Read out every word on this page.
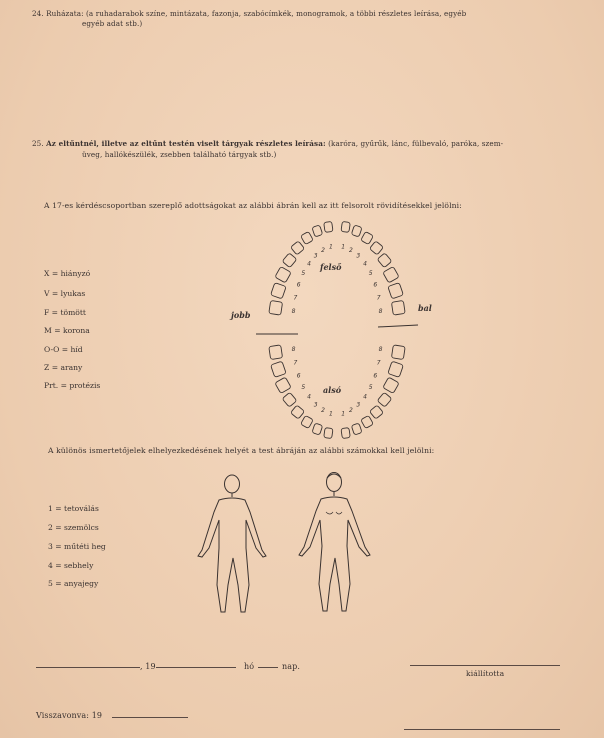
24. Ruházata: (a ruhadarabok színe, mintázata, fazonja, szabócímkék, monogramok, a többi részletes leírása, egyéb
egyéb adat stb.)
25. Az eltűntnél, illetve az eltűnt testén viselt tárgyak részletes leírása: (karóra, gyűrűk, lánc, fülbevaló, paróka, szem-
üveg, hallókészülék, zsebben található tárgyak stb.)
A 17-es kérdéscsoportban szereplő adottságokat az alábbi ábrán kell az itt felsorolt rövidítésekkel jelölni:
X = hiányzó
V = lyukas
F = tömött
M = korona
O-O = híd
Z = arany
Prt. = protézis
1
1
2
2
3
3
4
4
5
5
6
6
7
7
8
8
1
1
2
2
3
3
4
4
5
5
6
6
7
7
8
8
felső
alsó
jobb
bal
A különös ismertetőjelek elhelyezkedésének helyét a test ábráján az alábbi számokkal kell jelölni:
1 = tetoválás
2 = szemölcs
3 = műtéti heg
4 = sebhely
5 = anyajegy
, 19	hó	nap.
kiállította
Visszavonva: 19
